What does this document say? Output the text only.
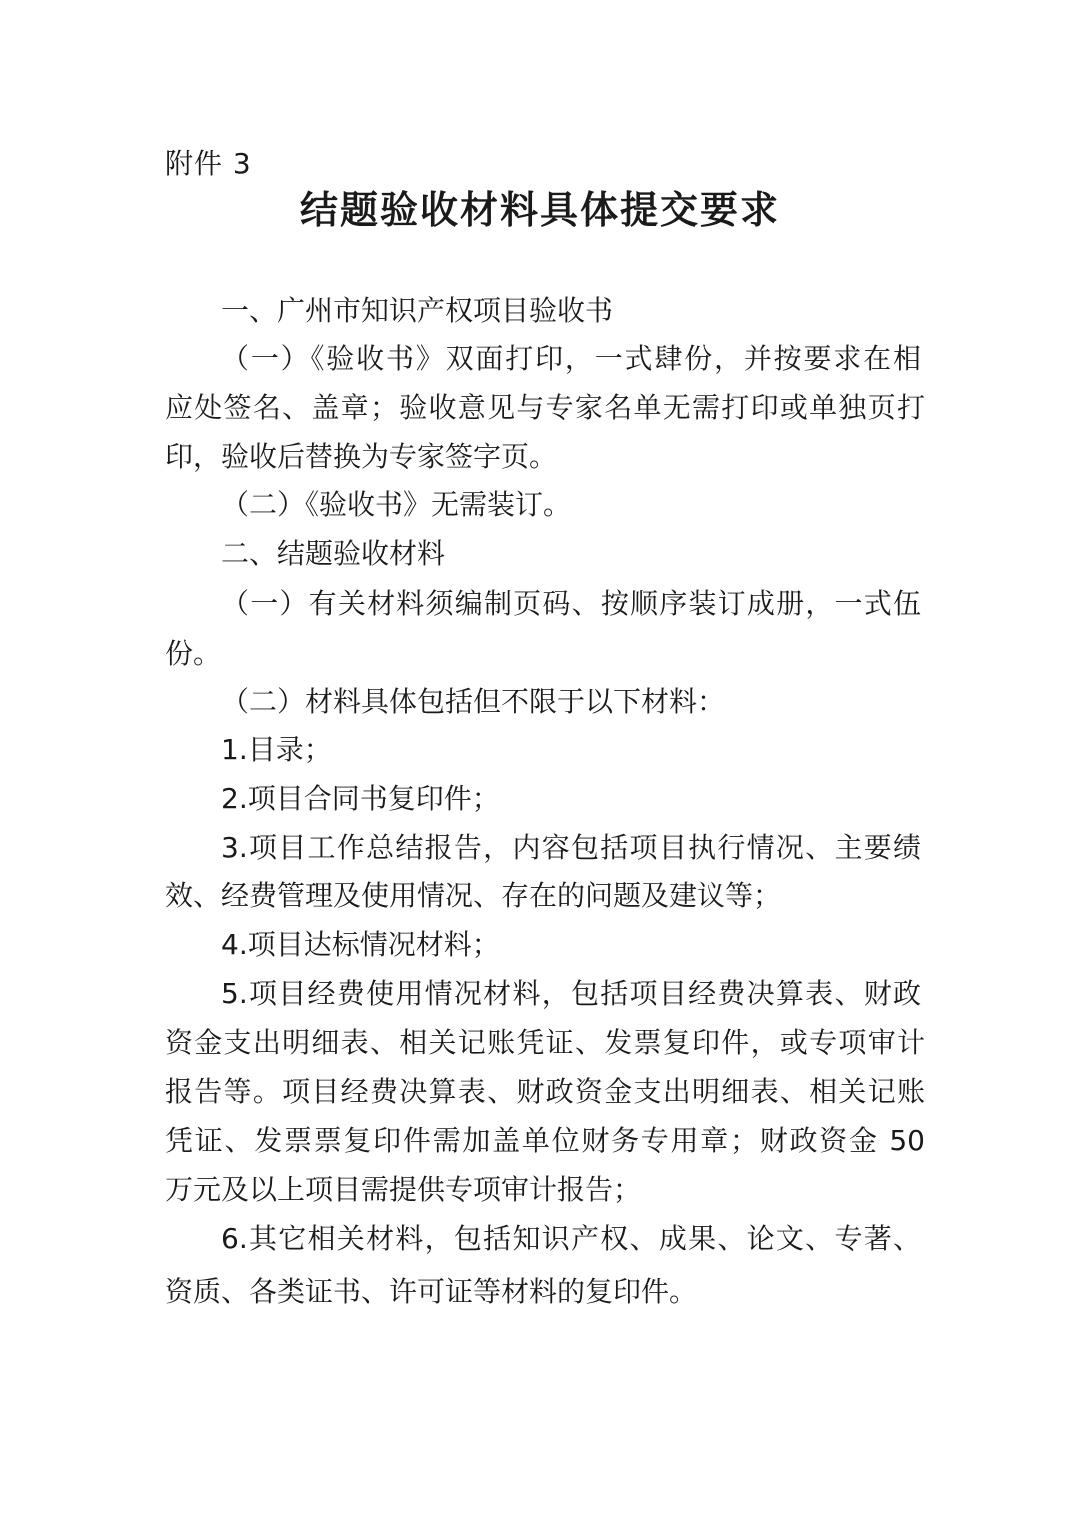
附件 3
结题验收材料具体提交要求
一、广州市知识产权项目验收书
（一）《验收书》双面打印，一式肆份，并按要求在相
应处签名、盖章；验收意见与专家名单无需打印或单独页打
印，验收后替换为专家签字页。
（二）《验收书》无需装订。
二、结题验收材料
（一）有关材料须编制页码、按顺序装订成册，一式伍
份。
（二）材料具体包括但不限于以下材料：
1.目录；
2.项目合同书复印件；
3.项目工作总结报告，内容包括项目执行情况、主要绩
效、经费管理及使用情况、存在的问题及建议等；
4.项目达标情况材料；
5.项目经费使用情况材料，包括项目经费决算表、财政
资金支出明细表、相关记账凭证、发票复印件，或专项审计
报告等。项目经费决算表、财政资金支出明细表、相关记账
凭证、发票票复印件需加盖单位财务专用章；财政资金 50
万元及以上项目需提供专项审计报告；
6.其它相关材料，包括知识产权、成果、论文、专著、
资质、各类证书、许可证等材料的复印件。
